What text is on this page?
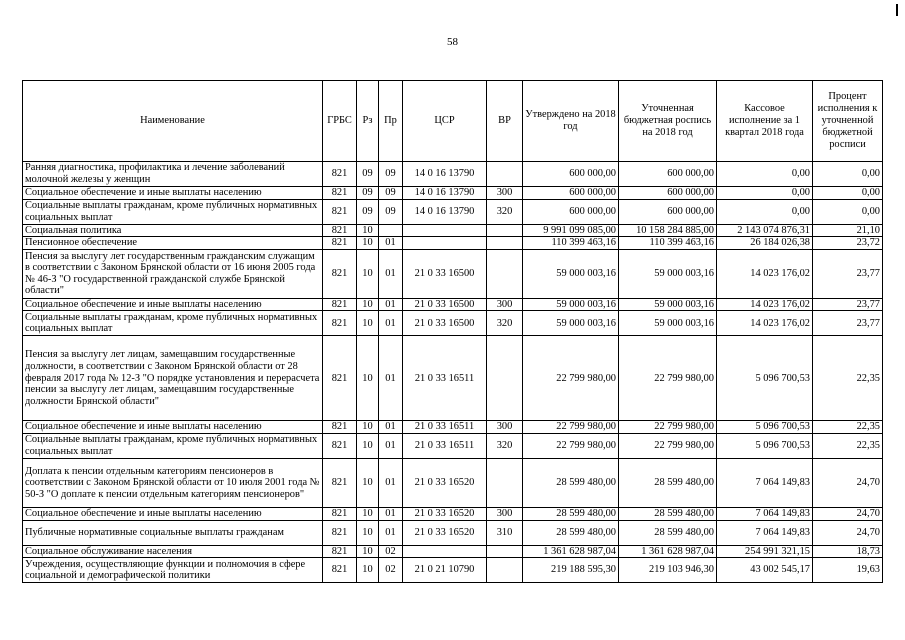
58
Наименование	ГРБС	Рз	Пр	ЦСР	ВР	Утверждено на 2018 год	Уточненная бюджетная роспись на 2018 год	Кассовое исполнение за 1 квартал 2018 года	Процент исполнения к уточненной бюджетной росписи
Ранняя диагностика, профилактика и лечение заболеваний молочной железы у женщин	821	09	09	14 0 16 13790		600 000,00	600 000,00	0,00	0,00
Социальное обеспечение и иные выплаты населению	821	09	09	14 0 16 13790	300	600 000,00	600 000,00	0,00	0,00
Социальные выплаты гражданам, кроме публичных нормативных социальных выплат	821	09	09	14 0 16 13790	320	600 000,00	600 000,00	0,00	0,00
Социальная политика	821	10				9 991 099 085,00	10 158 284 885,00	2 143 074 876,31	21,10
Пенсионное обеспечение	821	10	01			110 399 463,16	110 399 463,16	26 184 026,38	23,72
Пенсия за выслугу лет государственным гражданским служащим в соответствии с Законом Брянской области от 16 июня 2005 года № 46-З "О государственной гражданской службе Брянской области"	821	10	01	21 0 33 16500		59 000 003,16	59 000 003,16	14 023 176,02	23,77
Социальное обеспечение и иные выплаты населению	821	10	01	21 0 33 16500	300	59 000 003,16	59 000 003,16	14 023 176,02	23,77
Социальные выплаты гражданам, кроме публичных нормативных социальных выплат	821	10	01	21 0 33 16500	320	59 000 003,16	59 000 003,16	14 023 176,02	23,77
Пенсия за выслугу лет лицам, замещавшим государственные должности, в соответствии с Законом Брянской области от 28 февраля 2017 года № 12-З "О порядке установления и перерасчета пенсии за выслугу лет лицам, замещавшим государственные должности Брянской области"	821	10	01	21 0 33 16511		22 799 980,00	22 799 980,00	5 096 700,53	22,35
Социальное обеспечение и иные выплаты населению	821	10	01	21 0 33 16511	300	22 799 980,00	22 799 980,00	5 096 700,53	22,35
Социальные выплаты гражданам, кроме публичных нормативных социальных выплат	821	10	01	21 0 33 16511	320	22 799 980,00	22 799 980,00	5 096 700,53	22,35
Доплата к пенсии отдельным категориям пенсионеров в соответствии с Законом Брянской области от 10 июля 2001 года № 50-З "О доплате к пенсии отдельным категориям пенсионеров"	821	10	01	21 0 33 16520		28 599 480,00	28 599 480,00	7 064 149,83	24,70
Социальное обеспечение и иные выплаты населению	821	10	01	21 0 33 16520	300	28 599 480,00	28 599 480,00	7 064 149,83	24,70
Публичные нормативные социальные выплаты гражданам	821	10	01	21 0 33 16520	310	28 599 480,00	28 599 480,00	7 064 149,83	24,70
Социальное обслуживание населения	821	10	02			1 361 628 987,04	1 361 628 987,04	254 991 321,15	18,73
Учреждения, осуществляющие функции и полномочия в сфере социальной и демографической политики	821	10	02	21 0 21 10790		219 188 595,30	219 103 946,30	43 002 545,17	19,63
